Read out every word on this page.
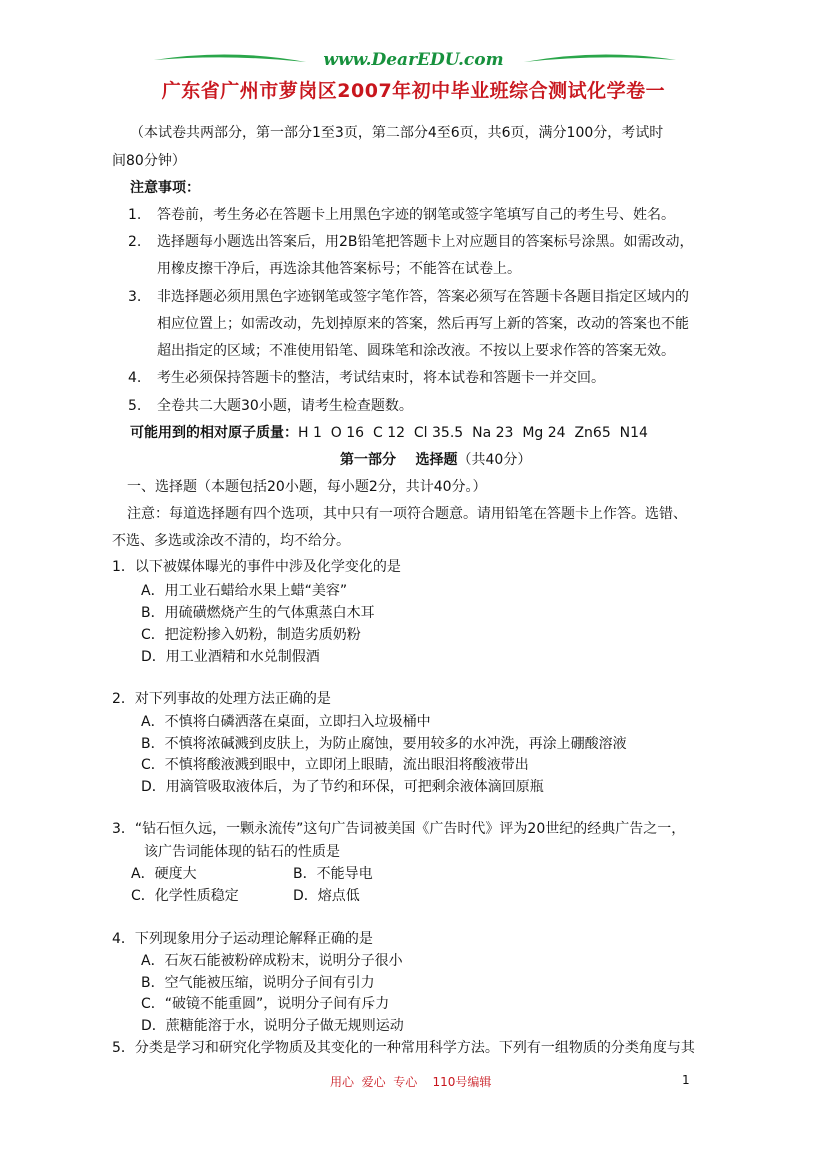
www.DearEDU.com
广东省广州市萝岗区2007年初中毕业班综合测试化学卷一
（本试卷共两部分，第一部分1至3页，第二部分4至6页，共6页，满分100分，考试时
间80分钟）
注意事项：
1. 答卷前，考生务必在答题卡上用黑色字迹的钢笔或签字笔填写自己的考生号、姓名。
2. 选择题每小题选出答案后，用2B铅笔把答题卡上对应题目的答案标号涂黑。如需改动，
用橡皮擦干净后，再选涂其他答案标号；不能答在试卷上。
3. 非选择题必须用黑色字迹钢笔或签字笔作答，答案必须写在答题卡各题目指定区域内的
相应位置上；如需改动，先划掉原来的答案，然后再写上新的答案，改动的答案也不能
超出指定的区域；不准使用铅笔、圆珠笔和涂改液。不按以上要求作答的答案无效。
4. 考生必须保持答题卡的整洁，考试结束时，将本试卷和答题卡一并交回。
5. 全卷共二大题30小题，请考生检查题数。
可能用到的相对原子质量：H 1  O 16  C 12  Cl 35.5  Na 23  Mg 24  Zn65  N14
第一部分    选择题（共40分）
一、选择题（本题包括20小题，每小题2分，共计40分。）
注意：每道选择题有四个选项，其中只有一项符合题意。请用铅笔在答题卡上作答。选错、
不选、多选或涂改不清的，均不给分。
1．以下被媒体曝光的事件中涉及化学变化的是
A．用工业石蜡给水果上蜡“美容”
B．用硫磺燃烧产生的气体熏蒸白木耳
C．把淀粉掺入奶粉，制造劣质奶粉
D．用工业酒精和水兑制假酒
2．对下列事故的处理方法正确的是
A．不慎将白磷洒落在桌面，立即扫入垃圾桶中
B．不慎将浓碱溅到皮肤上，为防止腐蚀，要用较多的水冲洗，再涂上硼酸溶液
C．不慎将酸液溅到眼中，立即闭上眼睛，流出眼泪将酸液带出
D．用滴管吸取液体后，为了节约和环保，可把剩余液体滴回原瓶
3．“钻石恒久远，一颗永流传”这句广告词被美国《广告时代》评为20世纪的经典广告之一，
该广告词能体现的钻石的性质是
A．硬度大	B．不能导电
C．化学性质稳定	D．熔点低
4．下列现象用分子运动理论解释正确的是
A．石灰石能被粉碎成粉末，说明分子很小
B．空气能被压缩，说明分子间有引力
C．“破镜不能重圆”，说明分子间有斥力
D．蔗糖能溶于水，说明分子做无规则运动
5．分类是学习和研究化学物质及其变化的一种常用科学方法。下列有一组物质的分类角度与其
用心  爱心  专心    110号编辑	1
